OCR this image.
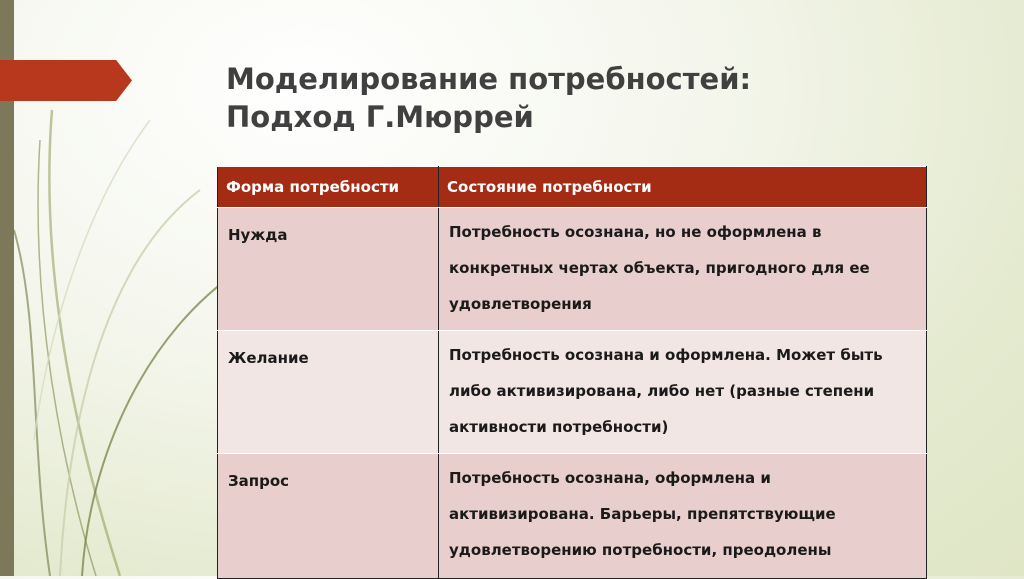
Моделирование потребностей:
Подход Г.Мюррей
Форма потребности	Состояние потребности
Нужда	Потребность осознана, но не оформлена в конкретных чертах объекта, пригодного для ее удовлетворения
Желание	Потребность осознана и оформлена. Может быть либо активизирована, либо нет (разные степени активности потребности)
Запрос	Потребность осознана, оформлена и активизирована. Барьеры, препятствующие удовлетворению потребности, преодолены
